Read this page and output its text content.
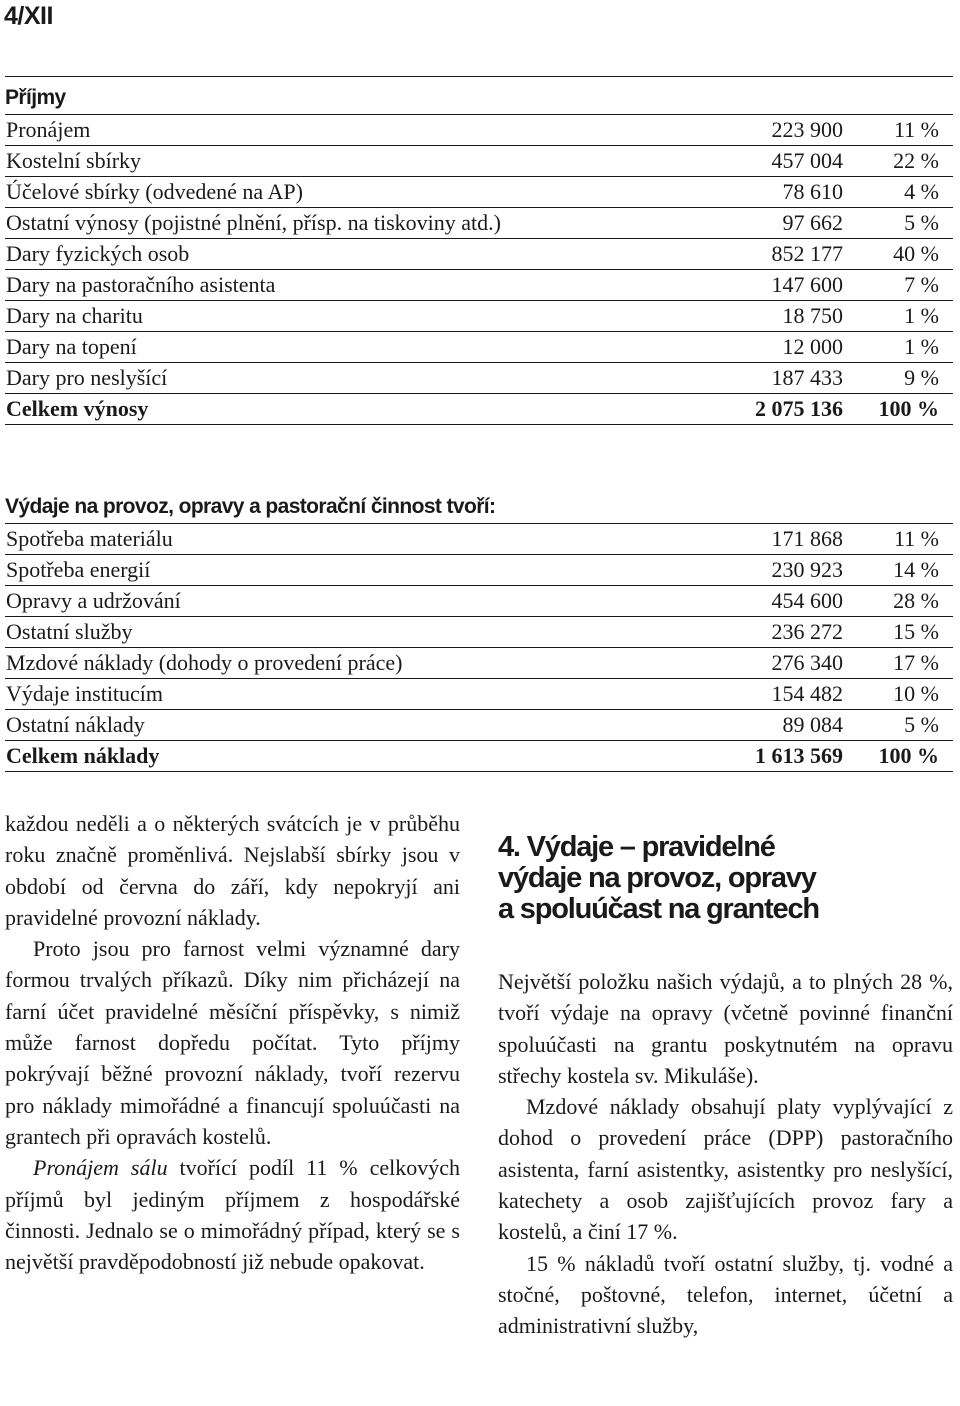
4/XII
Příjmy		
Pronájem	223 900	11 %
Kostelní sbírky	457 004	22 %
Účelové sbírky (odvedené na AP)	78 610	4 %
Ostatní výnosy (pojistné plnění, přísp. na tiskoviny atd.)	97 662	5 %
Dary fyzických osob	852 177	40 %
Dary na pastoračního asistenta	147 600	7 %
Dary na charitu	18 750	1 %
Dary na topení	12 000	1 %
Dary pro neslyšící	187 433	9 %
Celkem výnosy	2 075 136	100 %
Výdaje na provoz, opravy a pastorační činnost tvoří:		
Spotřeba materiálu	171 868	11 %
Spotřeba energií	230 923	14 %
Opravy a udržování	454 600	28 %
Ostatní služby	236 272	15 %
Mzdové náklady (dohody o provedení práce)	276 340	17 %
Výdaje institucím	154 482	10 %
Ostatní náklady	89 084	5 %
Celkem náklady	1 613 569	100 %

každou neděli a o některých svátcích je v průběhu roku značně proměnlivá. Nejslabší sbírky jsou v období od června do září, kdy nepokryjí ani pravidelné provozní náklady.

Proto jsou pro farnost velmi významné dary formou trvalých příkazů. Díky nim přicházejí na farní účet pravidelné měsíční příspěvky, s nimiž může farnost dopředu počítat. Tyto příjmy pokrývají běžné provozní náklady, tvoří rezervu pro náklady mimořádné a financují spoluúčasti na grantech při opravách kostelů.

Pronájem sálu tvořící podíl 11 % celkových příjmů byl jediným příjmem z hospodářské činnosti. Jednalo se o mimořádný případ, který se s největší pravděpodobností již nebude opakovat.

4. Výdaje – pravidelné
výdaje na provoz, opravy
a spoluúčast na grantech

Největší položku našich výdajů, a to plných 28 %, tvoří výdaje na opravy (včetně povinné finanční spoluúčasti na grantu poskytnutém na opravu střechy kostela sv. Mikuláše).

Mzdové náklady obsahují platy vyplývající z dohod o provedení práce (DPP) pastoračního asistenta, farní asistentky, asistentky pro neslyšící, katechety a osob zajišťujících provoz fary a kostelů, a činí 17 %.

15 % nákladů tvoří ostatní služby, tj. vodné a stočné, poštovné, telefon, internet, účetní a administrativní služby,
